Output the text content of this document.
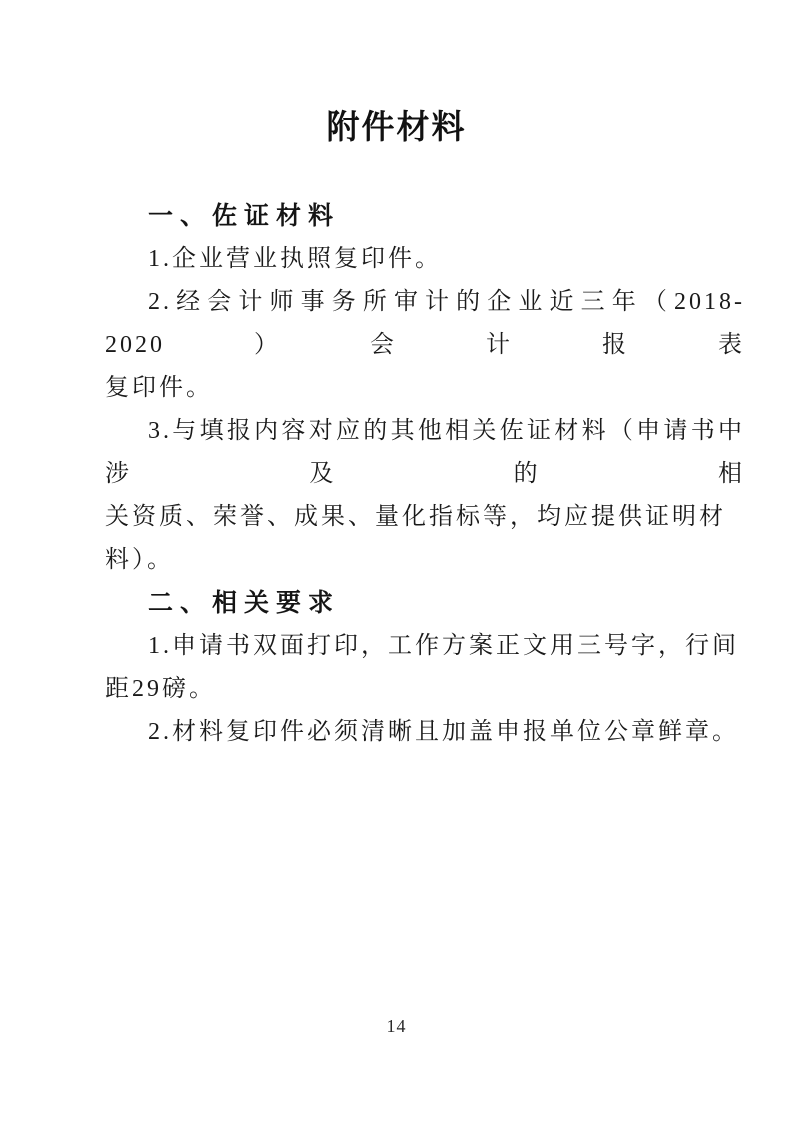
附件材料
一、佐证材料
1.企业营业执照复印件。
2.经会计师事务所审计的企业近三年（2018-2020）会计报表
复印件。
3.与填报内容对应的其他相关佐证材料（申请书中涉及的相
关资质、荣誉、成果、量化指标等，均应提供证明材料）。
二、相关要求
1.申请书双面打印，工作方案正文用三号字，行间距29磅。
2.材料复印件必须清晰且加盖申报单位公章鲜章。
14
